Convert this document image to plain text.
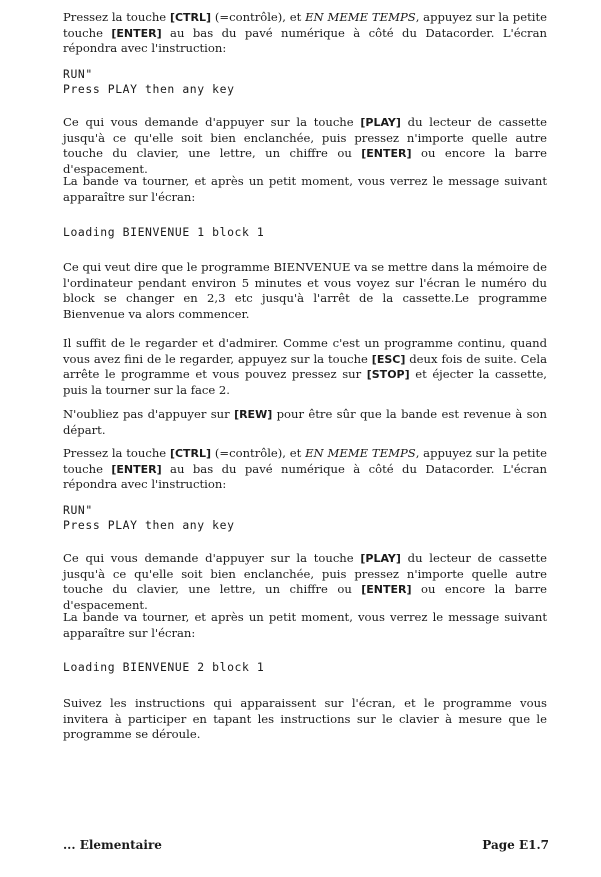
Pressez la touche [CTRL] (=contrôle), et EN MEME TEMPS, appuyez sur la petite touche [ENTER] au bas du pavé numérique à côté du Datacorder. L'écran répondra avec l'instruction:

RUN"
Press PLAY then any key

Ce qui vous demande d'appuyer sur la touche [PLAY] du lecteur de cassette jusqu'à ce qu'elle soit bien enclanchée, puis pressez n'importe quelle autre touche du clavier, une lettre, un chiffre ou [ENTER] ou encore la barre d'espacement.

La bande va tourner, et après un petit moment, vous verrez le message suivant apparaître sur l'écran:

Loading BIENVENUE 1 block 1

Ce qui veut dire que le programme BIENVENUE va se mettre dans la mémoire de l'ordinateur pendant environ 5 minutes et vous voyez sur l'écran le numéro du block se changer en 2,3 etc jusqu'à l'arrêt de la cassette.Le programme Bienvenue va alors commencer.

Il suffit de le regarder et d'admirer. Comme c'est un programme continu, quand vous avez fini de le regarder, appuyez sur la touche [ESC] deux fois de suite. Cela arrête le programme et vous pouvez pressez sur [STOP] et éjecter la cassette, puis la tourner sur la face 2.

N'oubliez pas d'appuyer sur [REW] pour être sûr que la bande est revenue à son départ.

Pressez la touche [CTRL] (=contrôle), et EN MEME TEMPS, appuyez sur la petite touche [ENTER] au bas du pavé numérique à côté du Datacorder. L'écran répondra avec l'instruction:

RUN"
Press PLAY then any key

Ce qui vous demande d'appuyer sur la touche [PLAY] du lecteur de cassette jusqu'à ce qu'elle soit bien enclanchée, puis pressez n'importe quelle autre touche du clavier, une lettre, un chiffre ou [ENTER] ou encore la barre d'espacement.

La bande va tourner, et après un petit moment, vous verrez le message suivant apparaître sur l'écran:

Loading BIENVENUE 2 block 1

Suivez les instructions qui apparaissent sur l'écran, et le programme vous invitera à participer en tapant les instructions sur le clavier à mesure que le programme se déroule.

... Elementaire	Page E1.7
